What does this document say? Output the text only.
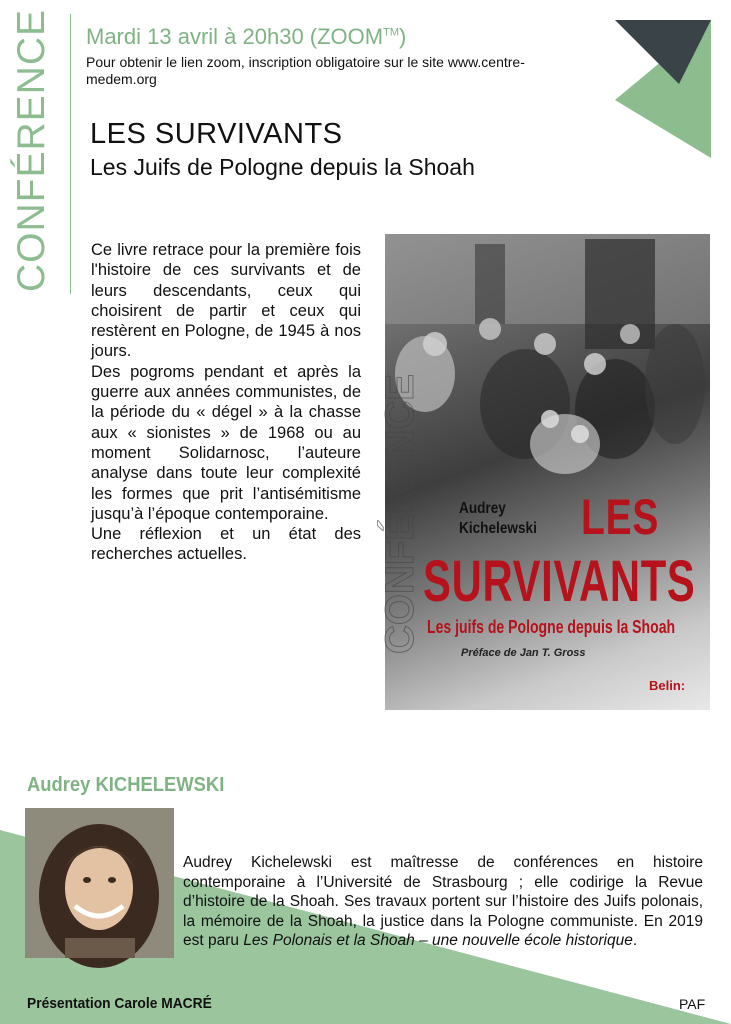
CONFÉRENCE Mardi 13 avril à 20h30 (ZOOM™)
Pour obtenir le lien zoom, inscription obligatoire sur le site www.centre-medem.org
LES SURVIVANTS
Les Juifs de Pologne depuis la Shoah

Ce livre retrace pour la première fois l'histoire de ces survivants et de leurs descendants, ceux qui choisirent de partir et ceux qui restèrent en Pologne, de 1945 à nos jours.

Des pogroms pendant et après la guerre aux années communistes, de la période du « dégel » à la chasse aux « sionistes » de 1968 ou au moment Solidarnosc, l’auteure analyse dans toute leur complexité les formes que prit l’antisémitisme jusqu’à l’époque contemporaine.

Une réflexion et un état des recherches actuelles.	CONFÉRENCE Audrey
Kichelewski LES
SURVIVANTS
Les juifs de Pologne depuis la Shoah
Préface de Jan T. Gross
Belin:
Audrey KICHELEWSKI
Audrey Kichelewski est maîtresse de conférences en histoire contemporaine à l’Université de Strasbourg ; elle codirige la Revue d’histoire de la Shoah. Ses travaux portent sur l’histoire des Juifs polonais, la mémoire de la Shoah, la justice dans la Pologne communiste. En 2019 est paru Les Polonais et la Shoah – une nouvelle école historique.
Présentation Carole MACRÉ	PAF
